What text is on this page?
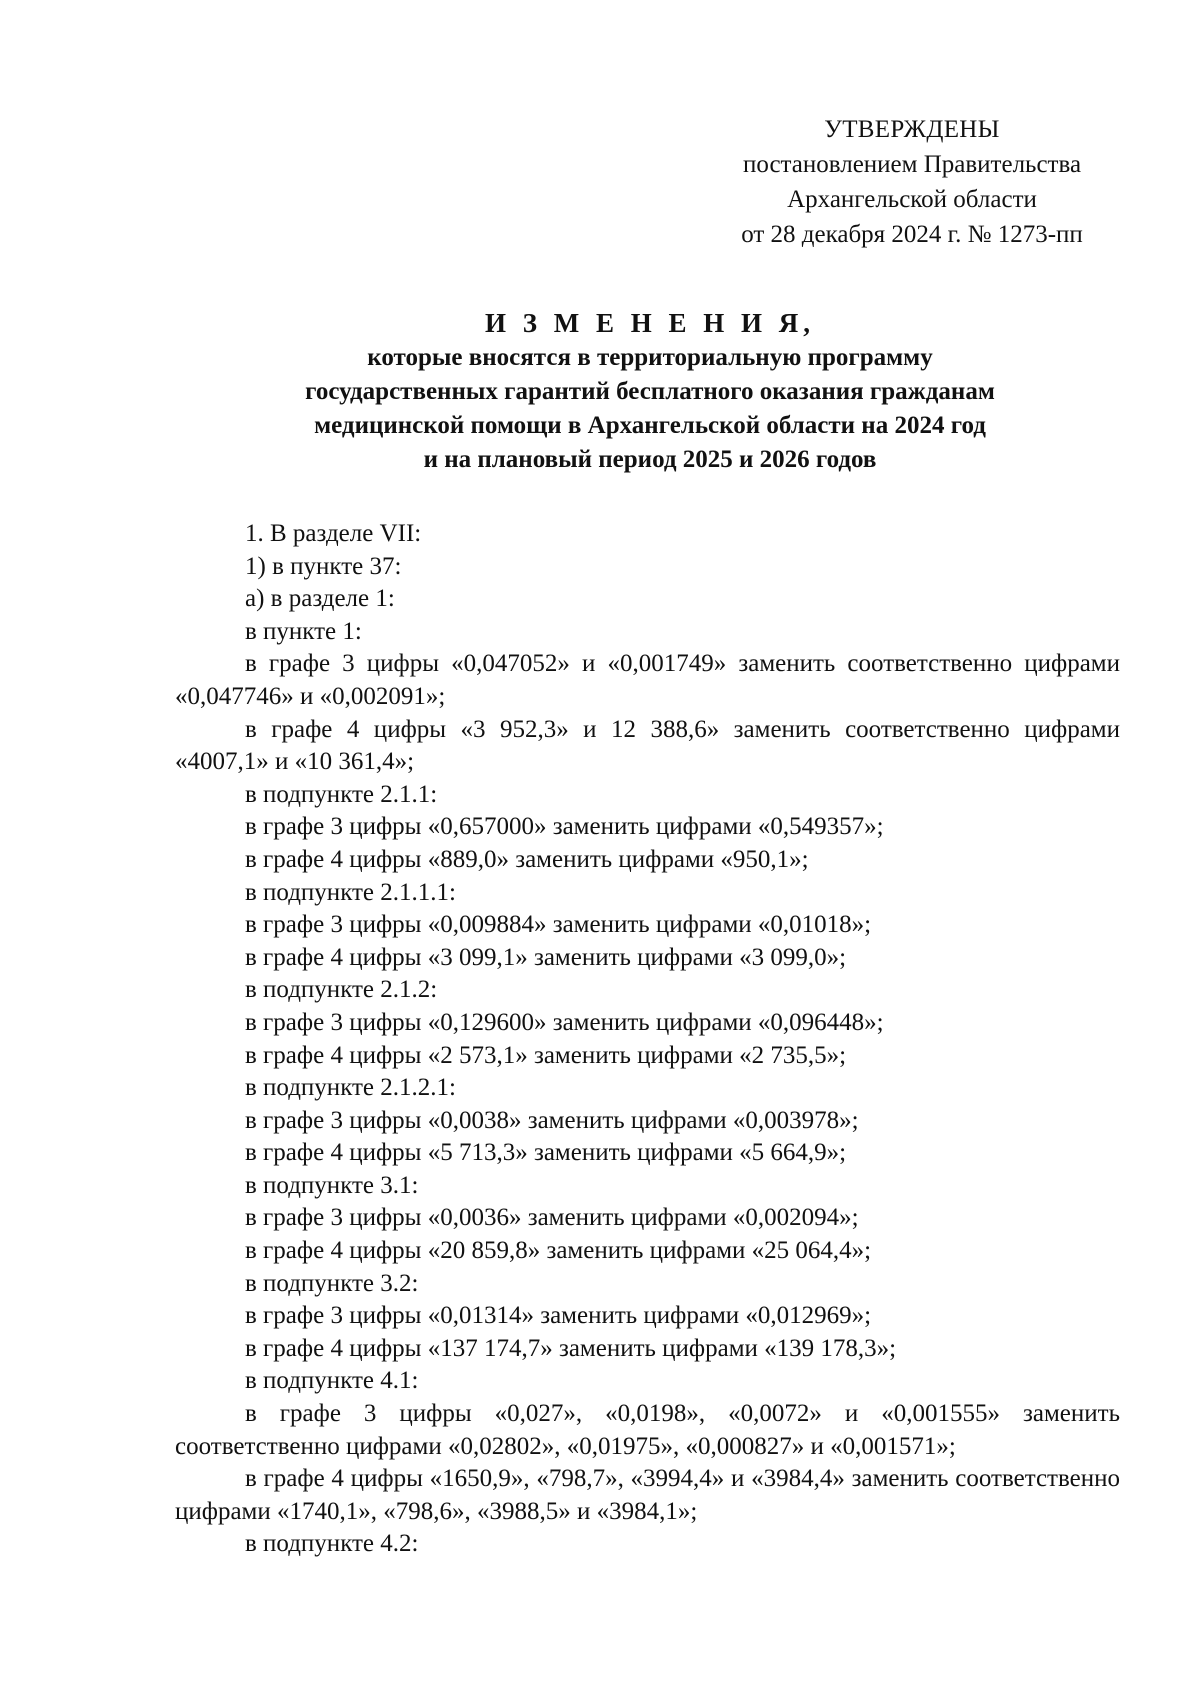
УТВЕРЖДЕНЫ
постановлением Правительства
Архангельской области
от 28 декабря 2024 г. № 1273-пп
И З М Е Н Е Н И Я,
которые вносятся в территориальную программу
государственных гарантий бесплатного оказания гражданам
медицинской помощи в Архангельской области на 2024 год
и на плановый период 2025 и 2026 годов
1. В разделе VII:
1) в пункте 37:
а) в разделе 1:
в пункте 1:
в графе 3 цифры «0,047052» и «0,001749» заменить соответственно цифрами «0,047746» и «0,002091»;
в графе 4 цифры «3 952,3» и 12 388,6» заменить соответственно цифрами «4007,1» и «10 361,4»;
в подпункте 2.1.1:
в графе 3 цифры «0,657000» заменить цифрами «0,549357»;
в графе 4 цифры «889,0» заменить цифрами «950,1»;
в подпункте 2.1.1.1:
в графе 3 цифры «0,009884» заменить цифрами «0,01018»;
в графе 4 цифры «3 099,1» заменить цифрами «3 099,0»;
в подпункте 2.1.2:
в графе 3 цифры «0,129600» заменить цифрами «0,096448»;
в графе 4 цифры «2 573,1» заменить цифрами «2 735,5»;
в подпункте 2.1.2.1:
в графе 3 цифры «0,0038» заменить цифрами «0,003978»;
в графе 4 цифры «5 713,3» заменить цифрами «5 664,9»;
в подпункте 3.1:
в графе 3 цифры «0,0036» заменить цифрами «0,002094»;
в графе 4 цифры «20 859,8» заменить цифрами «25 064,4»;
в подпункте 3.2:
в графе 3 цифры «0,01314» заменить цифрами «0,012969»;
в графе 4 цифры «137 174,7» заменить цифрами «139 178,3»;
в подпункте 4.1:
в графе 3 цифры «0,027», «0,0198», «0,0072» и «0,001555» заменить соответственно цифрами «0,02802», «0,01975», «0,000827» и «0,001571»;
в графе 4 цифры «1650,9», «798,7», «3994,4» и «3984,4» заменить соответственно цифрами «1740,1», «798,6», «3988,5» и «3984,1»;
в подпункте 4.2:
